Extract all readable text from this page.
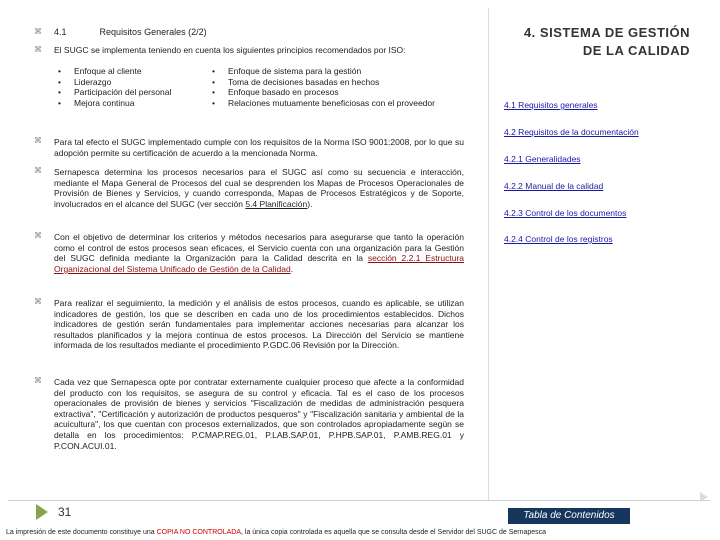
⌘
⌘
⌘
⌘
⌘
⌘
⌘
4.1	Requisitos Generales (2/2)
El SUGC se implementa teniendo en cuenta los siguientes principios recomendados por ISO:
• Enfoque al cliente
• Liderazgo
• Participación del personal
• Mejora continua
• Enfoque de sistema para la gestión
• Toma de decisiones basadas en hechos
• Enfoque basado en procesos
• Relaciones mutuamente beneficiosas con el proveedor
Para tal efecto el SUGC implementado cumple con los requisitos de la Norma ISO 9001:2008, por lo que su adopción permite su certificación de acuerdo a la mencionada Norma.
Sernapesca determina los procesos necesarios para el SUGC así como su secuencia e interacción, mediante el Mapa General de Procesos del cual se desprenden los Mapas de Procesos Operacionales de Provisión de Bienes y Servicios, y cuando corresponda, Mapas de Procesos Estratégicos y de Soporte, involucrados en el alcance del SUGC (ver sección 5.4 Planificación).
Con el objetivo de determinar los criterios y métodos necesarios para asegurarse que tanto la operación como el control de estos procesos sean eficaces, el Servicio cuenta con una organización para la Gestión del SUGC definida mediante la Organización para la Calidad descrita en la sección 2.2.1 Estructura Organizacional del Sistema Unificado de Gestión de la Calidad.
Para realizar el seguimiento, la medición y el análisis de estos procesos, cuando es aplicable, se utilizan indicadores de gestión, los que se describen en cada uno de los procedimientos establecidos. Dichos indicadores de gestión serán fundamentales para implementar acciones necesarias para alcanzar los resultados planificados y la mejora continua de estos procesos. La Dirección del Servicio se mantiene informada de los resultados mediante el procedimiento P.GDC.06 Revisión por la Dirección.
Cada vez que Sernapesca opte por contratar externamente cualquier proceso que afecte a la conformidad del producto con los requisitos, se asegura de su control y eficacia. Tal es el caso de los procesos operacionales de provisión de bienes y servicios "Fiscalización de medidas de administración pesquera extractiva", "Certificación y autorización de productos pesqueros" y "Fiscalización sanitaria y ambiental de la acuicultura", los que cuentan con procesos externalizados, que son controlados apropiadamente según se detalla en los procedimientos: P.CMAP.REG.01, P.LAB.SAP.01, P.HPB.SAP.01, P.AMB.REG.01 y P.CON.ACUI.01.
4. SISTEMA DE GESTIÓN
DE LA CALIDAD
4.1 Requisitos generales
4.2 Requisitos de la documentación
4.2.1 Generalidades
4.2.2 Manual de la calidad
4.2.3 Control de los documentos
4.2.4 Control de los registros
31	Tabla de Contenidos
La impresión de este documento constituye una COPIA NO CONTROLADA, la única copia controlada es aquella que se consulta desde el Servidor del SUGC de Sernapesca
